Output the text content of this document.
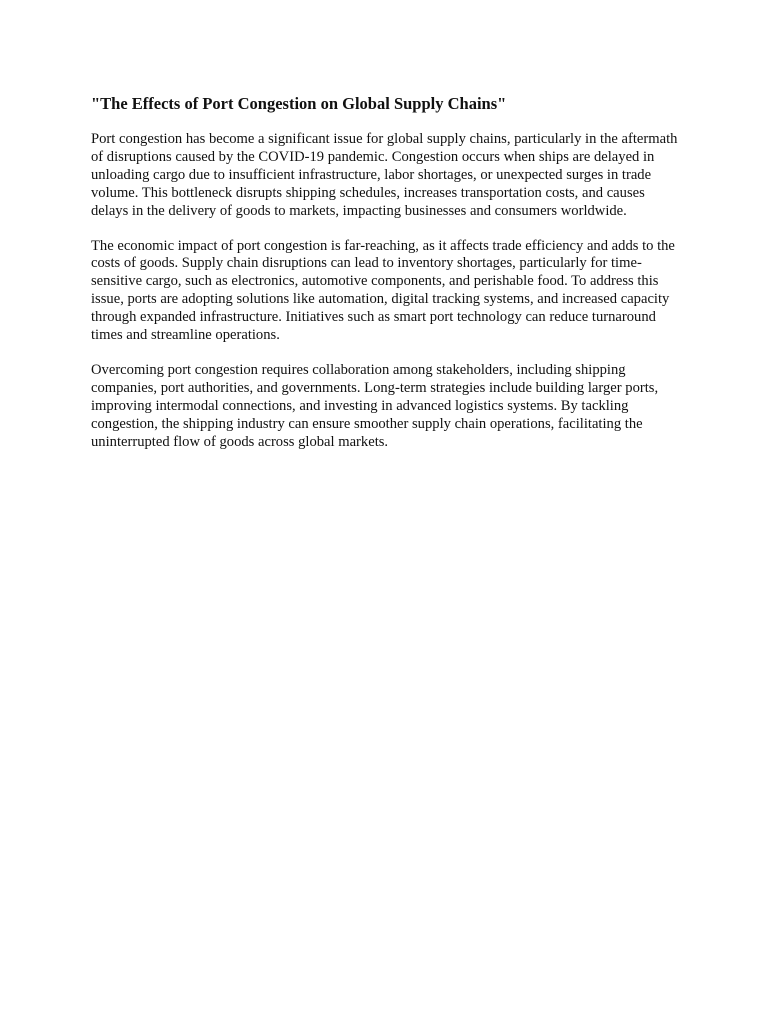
"The Effects of Port Congestion on Global Supply Chains"

Port congestion has become a significant issue for global supply chains, particularly in the aftermath of disruptions caused by the COVID-19 pandemic. Congestion occurs when ships are delayed in unloading cargo due to insufficient infrastructure, labor shortages, or unexpected surges in trade volume. This bottleneck disrupts shipping schedules, increases transportation costs, and causes delays in the delivery of goods to markets, impacting businesses and consumers worldwide.

The economic impact of port congestion is far-reaching, as it affects trade efficiency and adds to the costs of goods. Supply chain disruptions can lead to inventory shortages, particularly for time-sensitive cargo, such as electronics, automotive components, and perishable food. To address this issue, ports are adopting solutions like automation, digital tracking systems, and increased capacity through expanded infrastructure. Initiatives such as smart port technology can reduce turnaround times and streamline operations.

Overcoming port congestion requires collaboration among stakeholders, including shipping companies, port authorities, and governments. Long-term strategies include building larger ports, improving intermodal connections, and investing in advanced logistics systems. By tackling congestion, the shipping industry can ensure smoother supply chain operations, facilitating the uninterrupted flow of goods across global markets.
